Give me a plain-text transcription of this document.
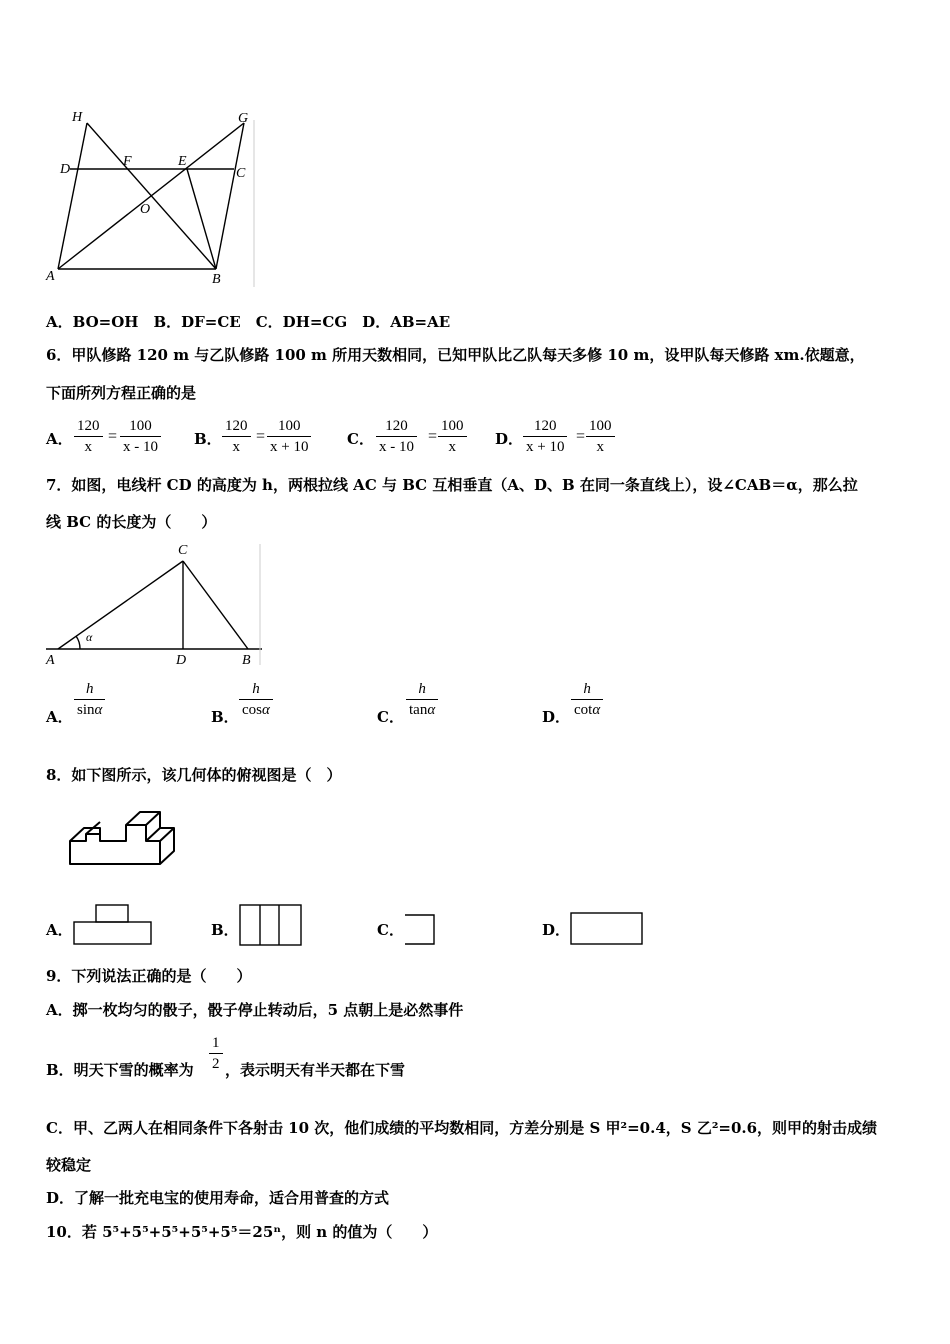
H	G
D
F	E
C
O
A	B
A．BO=OH　B．DF=CE　C．DH=CG　D．AB=AE
6．甲队修路 120 m 与乙队修路 100 m 所用天数相同，已知甲队比乙队每天多修 10 m，设甲队每天修路 xm.依题意，
下面所列方程正确的是
A．
120
x
=
100
x - 10 B．
120
x
=
100
x + 10	C．
120
x - 10
=
100
x	D．
120
x + 10
=
100
x
7．如图，电线杆 CD 的高度为 h，两根拉线 AC 与 BC 互相垂直（A、D、B 在同一条直线上），设∠CAB＝α，那么拉
线 BC 的长度为（　　）
C
A	D	B
α
A．
h
sinα	B．
h
cosα	C．
h
tanα	D．
h
cotα
8．如下图所示，该几何体的俯视图是（　）
A．	B．	C．	D．
9．下列说法正确的是（　　）
A．掷一枚均匀的骰子，骰子停止转动后，5 点朝上是必然事件
B．明天下雪的概率为
1
2 ，表示明天有半天都在下雪
C．甲、乙两人在相同条件下各射击 10 次，他们成绩的平均数相同，方差分别是 S 甲²=0.4，S 乙²=0.6，则甲的射击成绩
较稳定
D．了解一批充电宝的使用寿命，适合用普查的方式
10．若 5⁵+5⁵+5⁵+5⁵+5⁵＝25ⁿ，则 n 的值为（　　）
